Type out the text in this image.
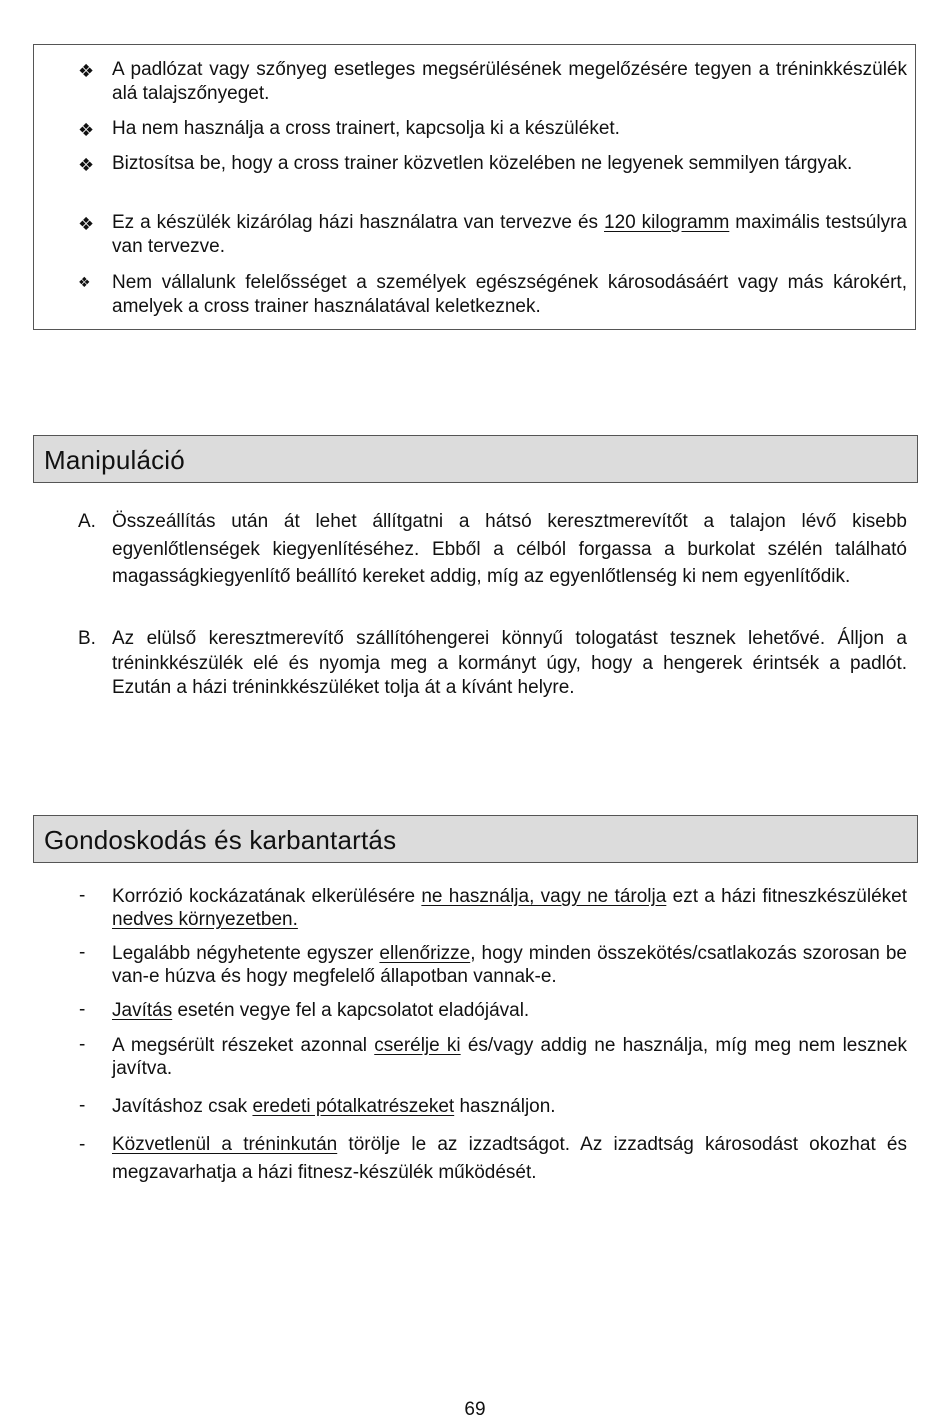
❖ A padlózat vagy szőnyeg esetleges megsérülésének megelőzésére tegyen a tréninkkészülék alá talajszőnyeget.
❖ Ha nem használja a cross trainert, kapcsolja ki a készüléket.
❖ Biztosítsa be, hogy a cross trainer közvetlen közelében ne legyenek semmilyen tárgyak.
❖ Ez a készülék kizárólag házi használatra van tervezve és 120 kilogramm maximális testsúlyra van tervezve.
❖	Nem vállalunk felelősséget a személyek egészségének károsodásáért vagy más károkért, amelyek a cross trainer használatával keletkeznek.
Manipuláció
A. Összeállítás után át lehet állítgatni a hátsó keresztmerevítőt a talajon lévő kisebb egyenlőtlenségek kiegyenlítéséhez. Ebből a célból forgassa a burkolat szélén található magasságkiegyenlítő beállító kereket addig, míg az egyenlőtlenség ki nem egyenlítődik.
B. Az elülső keresztmerevítő szállítóhengerei könnyű tologatást tesznek lehetővé. Álljon a tréninkkészülék elé és nyomja meg a kormányt úgy, hogy a hengerek érintsék a padlót. Ezután a házi tréninkkészüléket tolja át a kívánt helyre.
Gondoskodás és karbantartás
-	Korrózió kockázatának elkerülésére ne használja, vagy ne tárolja ezt a házi fitneszkészüléket nedves környezetben.
-	Legalább négyhetente egyszer ellenőrizze, hogy minden összekötés/csatlakozás szorosan be van-e húzva és hogy megfelelő állapotban vannak-e.
-	Javítás esetén vegye fel a kapcsolatot eladójával.
-	A megsérült részeket azonnal cserélje ki és/vagy addig ne használja, míg meg nem lesznek javítva.
-	Javításhoz csak eredeti pótalkatrészeket használjon.
-	Közvetlenül a tréninkután törölje le az izzadtságot. Az izzadtság károsodást okozhat és megzavarhatja a házi fitnesz-készülék működését.
69
